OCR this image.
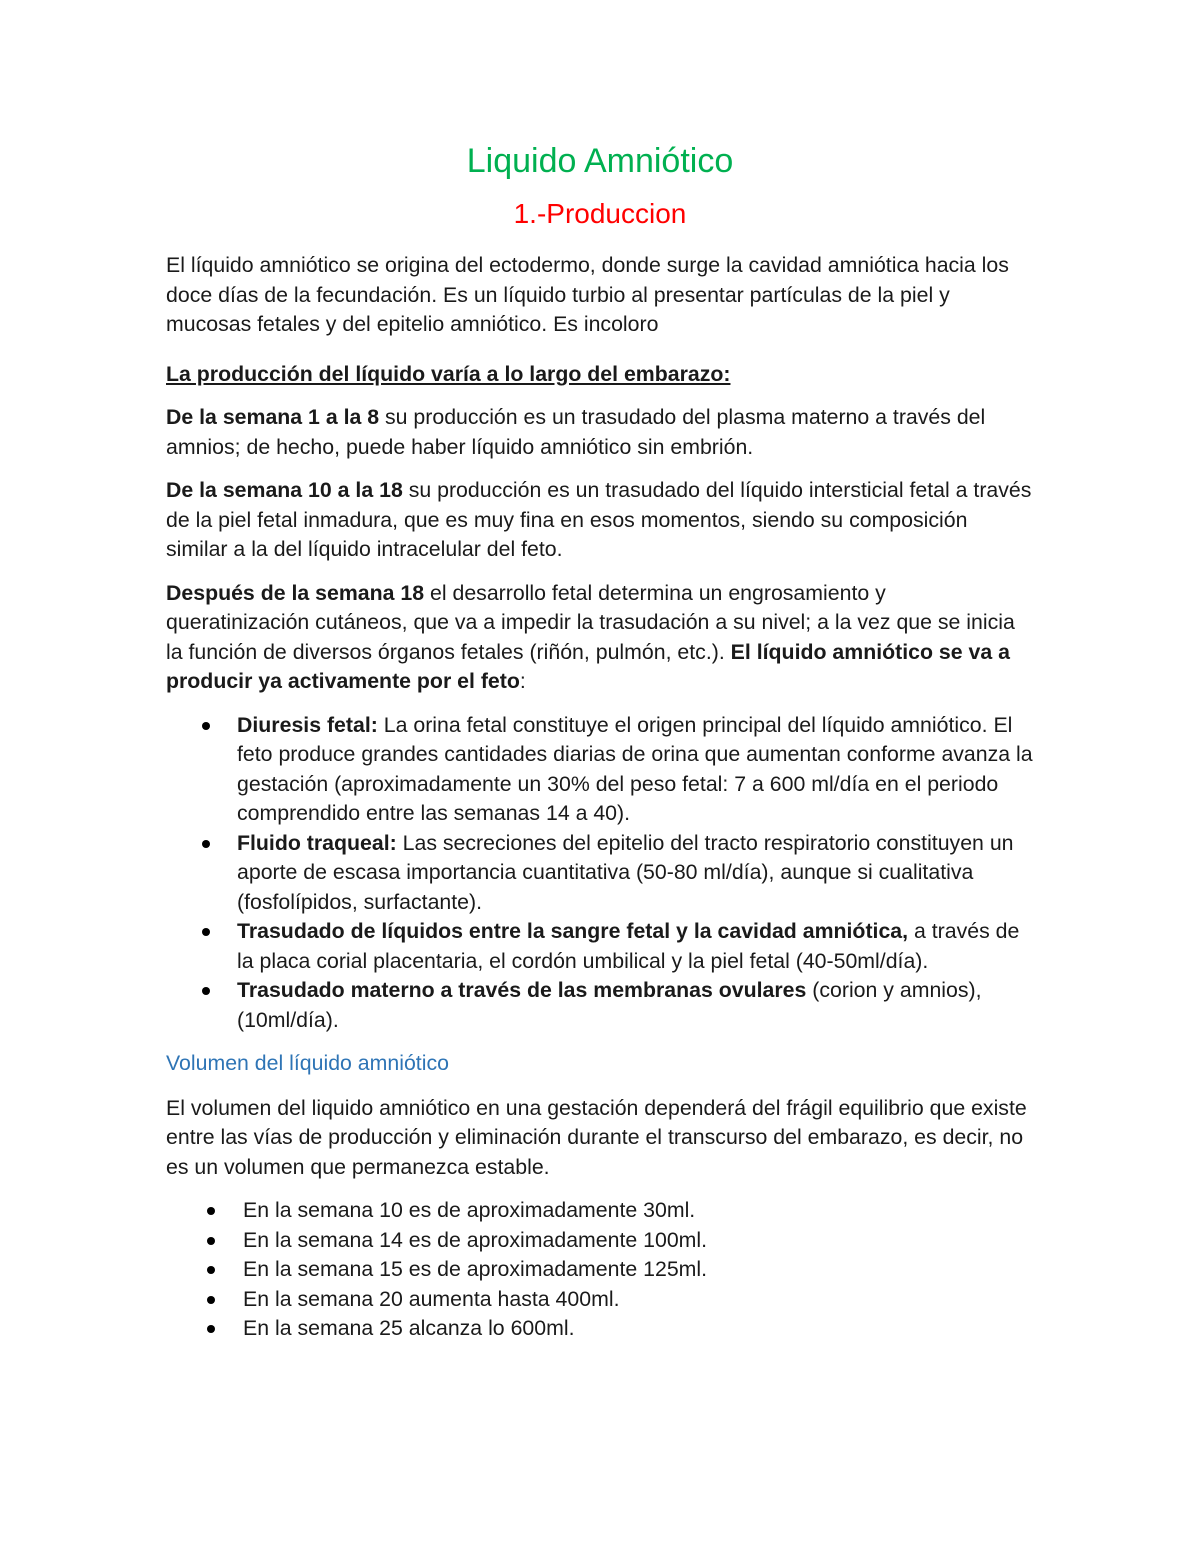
Liquido Amniótico
1.-Produccion

El líquido amniótico se origina del ectodermo, donde surge la cavidad amniótica hacia los doce días de la fecundación. Es un líquido turbio al presentar partículas de la piel y mucosas fetales y del epitelio amniótico. Es incoloro

La producción del líquido varía a lo largo del embarazo:

De la semana 1 a la 8 su producción es un trasudado del plasma materno a través del amnios; de hecho, puede haber líquido amniótico sin embrión.

De la semana 10 a la 18 su producción es un trasudado del líquido intersticial fetal a través de la piel fetal inmadura, que es muy fina en esos momentos, siendo su composición similar a la del líquido intracelular del feto.

Después de la semana 18 el desarrollo fetal determina un engrosamiento y queratinización cutáneos, que va a impedir la trasudación a su nivel; a la vez que se inicia la función de diversos órganos fetales (riñón, pulmón, etc.). El líquido amniótico se va a producir ya activamente por el feto:

Diuresis fetal: La orina fetal constituye el origen principal del líquido amniótico. El feto produce grandes cantidades diarias de orina que aumentan conforme avanza la gestación (aproximadamente un 30% del peso fetal: 7 a 600 ml/día en el periodo comprendido entre las semanas 14 a 40).
Fluido traqueal: Las secreciones del epitelio del tracto respiratorio constituyen un aporte de escasa importancia cuantitativa (50-80 ml/día), aunque si cualitativa (fosfolípidos, surfactante).
Trasudado de líquidos entre la sangre fetal y la cavidad amniótica, a través de la placa corial placentaria, el cordón umbilical y la piel fetal (40-50ml/día).
Trasudado materno a través de las membranas ovulares (corion y amnios), (10ml/día).

Volumen del líquido amniótico

El volumen del liquido amniótico en una gestación dependerá del frágil equilibrio que existe entre las vías de producción y eliminación durante el transcurso del embarazo, es decir, no es un volumen que permanezca estable.

En la semana 10 es de aproximadamente 30ml.
En la semana 14 es de aproximadamente 100ml.
En la semana 15 es de aproximadamente 125ml.
En la semana 20 aumenta hasta 400ml.
En la semana 25 alcanza lo 600ml.
